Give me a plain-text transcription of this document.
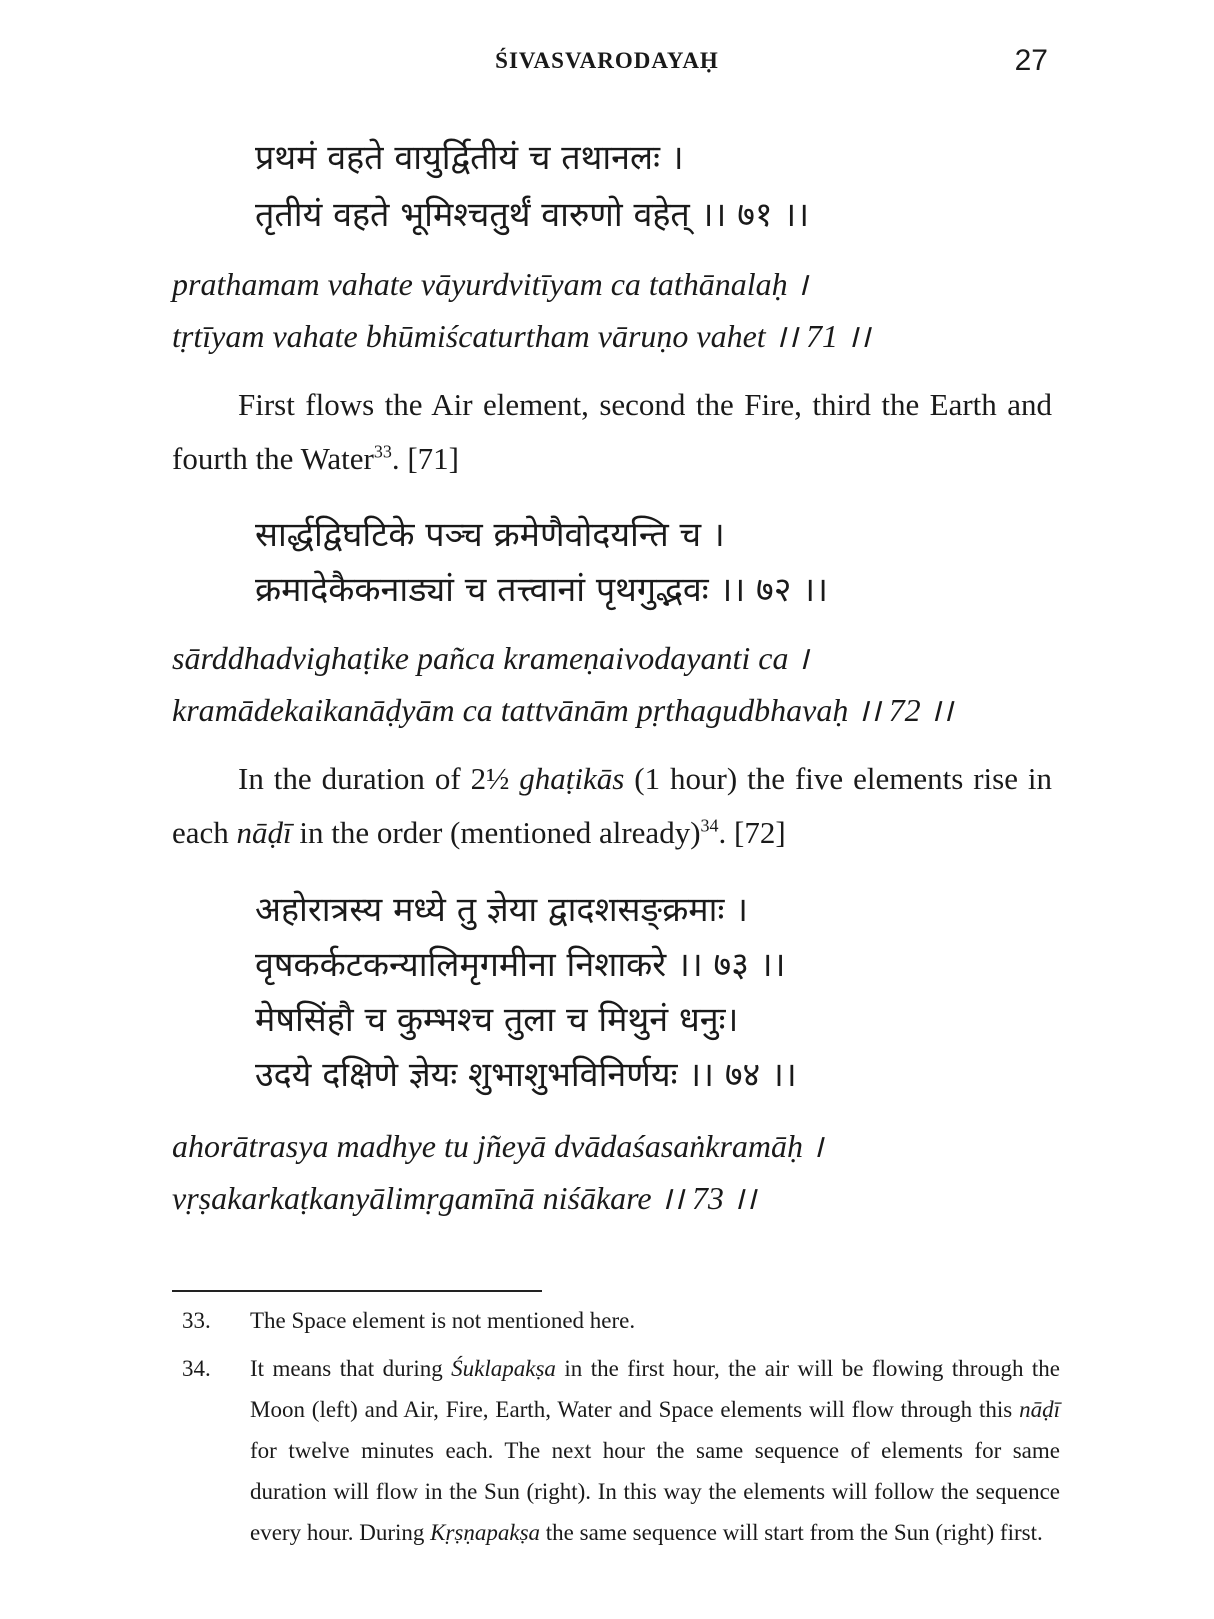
ŚIVASVARODAYAḤ	27
प्रथमं वहते वायुर्द्वितीयं च तथानलः ।
तृतीयं वहते भूमिश्चतुर्थं वारुणो वहेत् ।। ७१ ।।
prathamam vahate vāyurdvitīyam ca tathānalaḥ ।
tṛtīyam vahate bhūmiścaturtham vāruṇo vahet ।। 71 ।।

First flows the Air element, second the Fire, third the Earth and fourth the Water$^{33}$. [71]

सार्द्धद्विघटिके पञ्च क्रमेणैवोदयन्ति च ।
क्रमादेकैकनाड्यां च तत्त्वानां पृथगुद्भवः ।। ७२ ।।
sārddhadvighaṭike pañca krameṇaivodayanti ca ।
kramādekaikanāḍyām ca tattvānām pṛthagudbhavaḥ ।। 72 ।।

In the duration of 2½ ghaṭikās (1 hour) the five elements rise in each nāḍī in the order (mentioned already)$^{34}$. [72]

अहोरात्रस्य मध्ये तु ज्ञेया द्वादशसङ्क्रमाः ।
वृषकर्कटकन्यालिमृगमीना निशाकरे ।। ७३ ।।
मेषसिंहौ च कुम्भश्च तुला च मिथुनं धनुः।
उदये दक्षिणे ज्ञेयः शुभाशुभविनिर्णयः ।। ७४ ।।
ahorātrasya madhye tu jñeyā dvādaśasaṅkramāḥ ।
vṛṣakarkaṭkanyālimṛgamīnā niśākare ।। 73 ।।
33.	The Space element is not mentioned here.
34.	It means that during Śuklapakṣa in the first hour, the air will be flowing through the Moon (left) and Air, Fire, Earth, Water and Space elements will flow through this nāḍī for twelve minutes each. The next hour the same sequence of elements for same duration will flow in the Sun (right). In this way the elements will follow the sequence every hour. During Kṛṣṇapakṣa the same sequence will start from the Sun (right) first.
